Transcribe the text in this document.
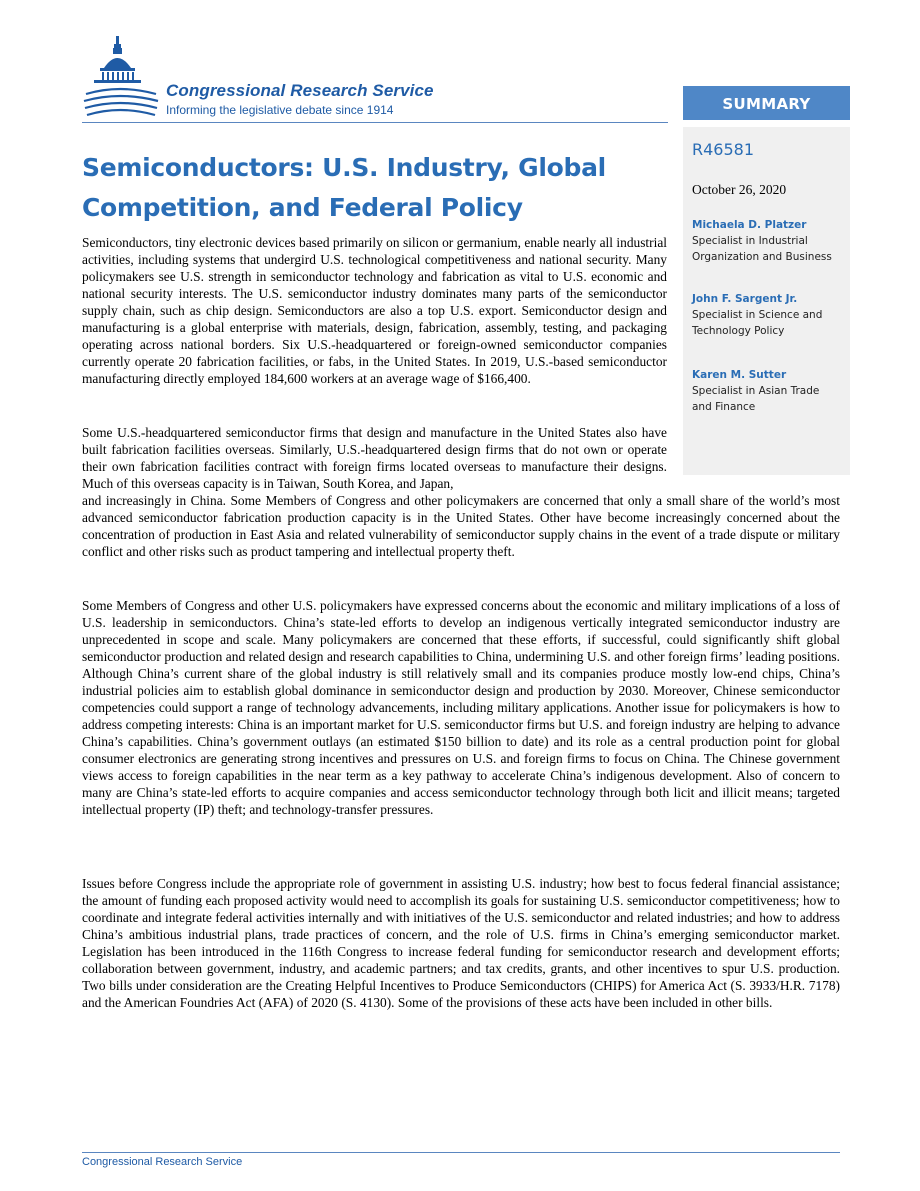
Congressional Research Service
Informing the legislative debate since 1914	SUMMARY
R46581
October 26, 2020
Michaela D. Platzer
Specialist in Industrial Organization and Business
John F. Sargent Jr.
Specialist in Science and Technology Policy
Karen M. Sutter
Specialist in Asian Trade and Finance
Semiconductors: U.S. Industry, Global
Competition, and Federal Policy

Semiconductors, tiny electronic devices based primarily on silicon or germanium, enable nearly all industrial activities, including systems that undergird U.S. technological competitiveness and national security. Many policymakers see U.S. strength in semiconductor technology and fabrication as vital to U.S. economic and national security interests. The U.S. semiconductor industry dominates many parts of the semiconductor supply chain, such as chip design. Semiconductors are also a top U.S. export. Semiconductor design and manufacturing is a global enterprise with materials, design, fabrication, assembly, testing, and packaging operating across national borders. Six U.S.-headquartered or foreign-owned semiconductor companies currently operate 20 fabrication facilities, or fabs, in the United States. In 2019, U.S.-based semiconductor manufacturing directly employed 184,600 workers at an average wage of $166,400.

Some U.S.-headquartered semiconductor firms that design and manufacture in the United States also have built fabrication facilities overseas. Similarly, U.S.-headquartered design firms that do not own or operate their own fabrication facilities contract with foreign firms located overseas to manufacture their designs. Much of this overseas capacity is in Taiwan, South Korea, and Japan,

and increasingly in China. Some Members of Congress and other policymakers are concerned that only a small share of the world’s most advanced semiconductor fabrication production capacity is in the United States. Other have become increasingly concerned about the concentration of production in East Asia and related vulnerability of semiconductor supply chains in the event of a trade dispute or military conflict and other risks such as product tampering and intellectual property theft.

Some Members of Congress and other U.S. policymakers have expressed concerns about the economic and military implications of a loss of U.S. leadership in semiconductors. China’s state-led efforts to develop an indigenous vertically integrated semiconductor industry are unprecedented in scope and scale. Many policymakers are concerned that these efforts, if successful, could significantly shift global semiconductor production and related design and research capabilities to China, undermining U.S. and other foreign firms’ leading positions. Although China’s current share of the global industry is still relatively small and its companies produce mostly low-end chips, China’s industrial policies aim to establish global dominance in semiconductor design and production by 2030. Moreover, Chinese semiconductor competencies could support a range of technology advancements, including military applications. Another issue for policymakers is how to address competing interests: China is an important market for U.S. semiconductor firms but U.S. and foreign industry are helping to advance China’s capabilities. China’s government outlays (an estimated $150 billion to date) and its role as a central production point for global consumer electronics are generating strong incentives and pressures on U.S. and foreign firms to focus on China. The Chinese government views access to foreign capabilities in the near term as a key pathway to accelerate China’s indigenous development. Also of concern to many are China’s state-led efforts to acquire companies and access semiconductor technology through both licit and illicit means; targeted intellectual property (IP) theft; and technology-transfer pressures.

Issues before Congress include the appropriate role of government in assisting U.S. industry; how best to focus federal financial assistance; the amount of funding each proposed activity would need to accomplish its goals for sustaining U.S. semiconductor competitiveness; how to coordinate and integrate federal activities internally and with initiatives of the U.S. semiconductor and related industries; and how to address China’s ambitious industrial plans, trade practices of concern, and the role of U.S. firms in China’s emerging semiconductor market. Legislation has been introduced in the 116th Congress to increase federal funding for semiconductor research and development efforts; collaboration between government, industry, and academic partners; and tax credits, grants, and other incentives to spur U.S. production. Two bills under consideration are the Creating Helpful Incentives to Produce Semiconductors (CHIPS) for America Act (S. 3933/H.R. 7178) and the American Foundries Act (AFA) of 2020 (S. 4130). Some of the provisions of these acts have been included in other bills.

Congressional Research Service
